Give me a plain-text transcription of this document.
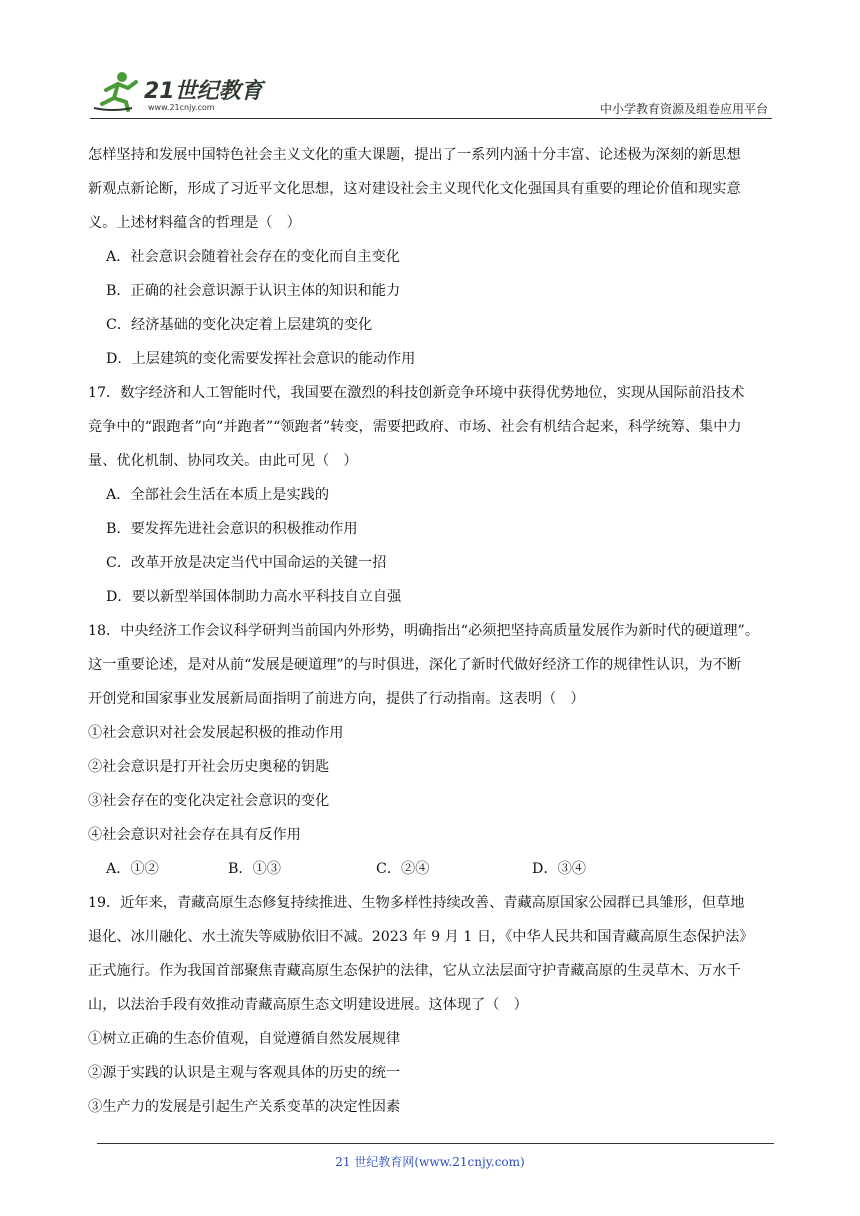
21世纪教育
www.21cnjy.com	中小学教育资源及组卷应用平台

怎样坚持和发展中国特色社会主义文化的重大课题，提出了一系列内涵十分丰富、论述极为深刻的新思想

新观点新论断，形成了习近平文化思想，这对建设社会主义现代化文化强国具有重要的理论价值和现实意

义。上述材料蕴含的哲理是（　）

A．社会意识会随着社会存在的变化而自主变化

B．正确的社会意识源于认识主体的知识和能力

C．经济基础的变化决定着上层建筑的变化

D．上层建筑的变化需要发挥社会意识的能动作用

17．数字经济和人工智能时代，我国要在激烈的科技创新竞争环境中获得优势地位，实现从国际前沿技术

竞争中的“跟跑者”向“并跑者”“领跑者”转变，需要把政府、市场、社会有机结合起来，科学统筹、集中力

量、优化机制、协同攻关。由此可见（　）

A．全部社会生活在本质上是实践的

B．要发挥先进社会意识的积极推动作用

C．改革开放是决定当代中国命运的关键一招

D．要以新型举国体制助力高水平科技自立自强

18．中央经济工作会议科学研判当前国内外形势，明确指出“必须把坚持高质量发展作为新时代的硬道理”。

这一重要论述，是对从前“发展是硬道理”的与时俱进，深化了新时代做好经济工作的规律性认识，为不断

开创党和国家事业发展新局面指明了前进方向，提供了行动指南。这表明（　）

①社会意识对社会发展起积极的推动作用

②社会意识是打开社会历史奥秘的钥匙

③社会存在的变化决定社会意识的变化

④社会意识对社会存在具有反作用

A．①②	B．①③	C．②④	D．③④

19．近年来，青藏高原生态修复持续推进、生物多样性持续改善、青藏高原国家公园群已具雏形，但草地

退化、冰川融化、水土流失等威胁依旧不减。2023 年 9 月 1 日，《中华人民共和国青藏高原生态保护法》

正式施行。作为我国首部聚焦青藏高原生态保护的法律，它从立法层面守护青藏高原的生灵草木、万水千

山，以法治手段有效推动青藏高原生态文明建设进展。这体现了（　）

①树立正确的生态价值观，自觉遵循自然发展规律

②源于实践的认识是主观与客观具体的历史的统一

③生产力的发展是引起生产关系变革的决定性因素

21 世纪教育网(www.21cnjy.com)
